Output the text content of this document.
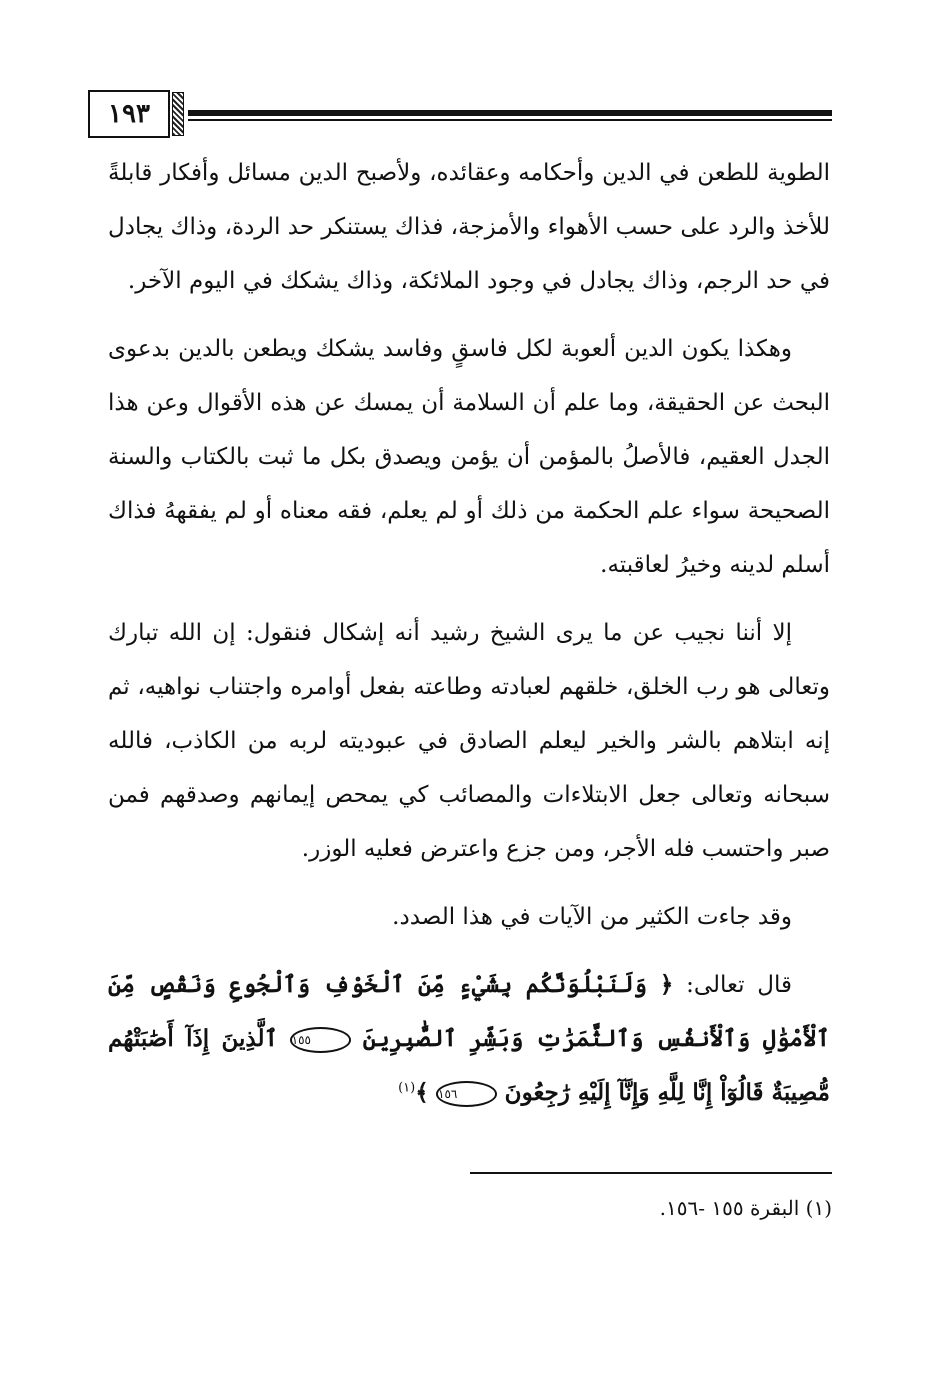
١٩٣

الطوية للطعن في الدين وأحكامه وعقائده، ولأصبح الدين مسائل وأفكار قابلةً للأخذ والرد على حسب الأهواء والأمزجة، فذاك يستنكر حد الردة، وذاك يجادل في حد الرجم، وذاك يجادل في وجود الملائكة، وذاك يشكك في اليوم الآخر.

وهكذا يكون الدين ألعوبة لكل فاسقٍ وفاسد يشكك ويطعن بالدين بدعوى البحث عن الحقيقة، وما علم أن السلامة أن يمسك عن هذه الأقوال وعن هذا الجدل العقيم، فالأصلُ بالمؤمن أن يؤمن ويصدق بكل ما ثبت بالكتاب والسنة الصحيحة سواء علم الحكمة من ذلك أو لم يعلم، فقه معناه أو لم يفقههُ فذاك أسلم لدينه وخيرُ لعاقبته.

إلا أننا نجيب عن ما يرى الشيخ رشيد أنه إشكال فنقول: إن الله تبارك وتعالى هو رب الخلق، خلقهم لعبادته وطاعته بفعل أوامره واجتناب نواهيه، ثم إنه ابتلاهم بالشر والخير ليعلم الصادق في عبوديته لربه من الكاذب، فالله سبحانه وتعالى جعل الابتلاءات والمصائب كي يمحص إيمانهم وصدقهم فمن صبر واحتسب فله الأجر، ومن جزع واعترض فعليه الوزر.

وقد جاءت الكثير من الآيات في هذا الصدد.

قال تعالى: ﴿ وَلَنَبْلُوَنَّكُم بِشَيْءٍ مِّنَ ٱلْخَوْفِ وَٱلْجُوعِ وَنَقْصٍ مِّنَ ٱلْأَمْوَٰلِ وَٱلْأَنفُسِ وَٱلثَّمَرَٰتِ وَبَشِّرِ ٱلصَّٰبِرِينَ ١٥٥ ٱلَّذِينَ إِذَآ أَصَٰبَتْهُم مُّصِيبَةٌ قَالُوٓاْ إِنَّا لِلَّهِ وَإِنَّآ إِلَيْهِ رَٰجِعُونَ ١٥٦ ﴾$^{(١)}$

(١) البقرة ١٥٥ -١٥٦.
